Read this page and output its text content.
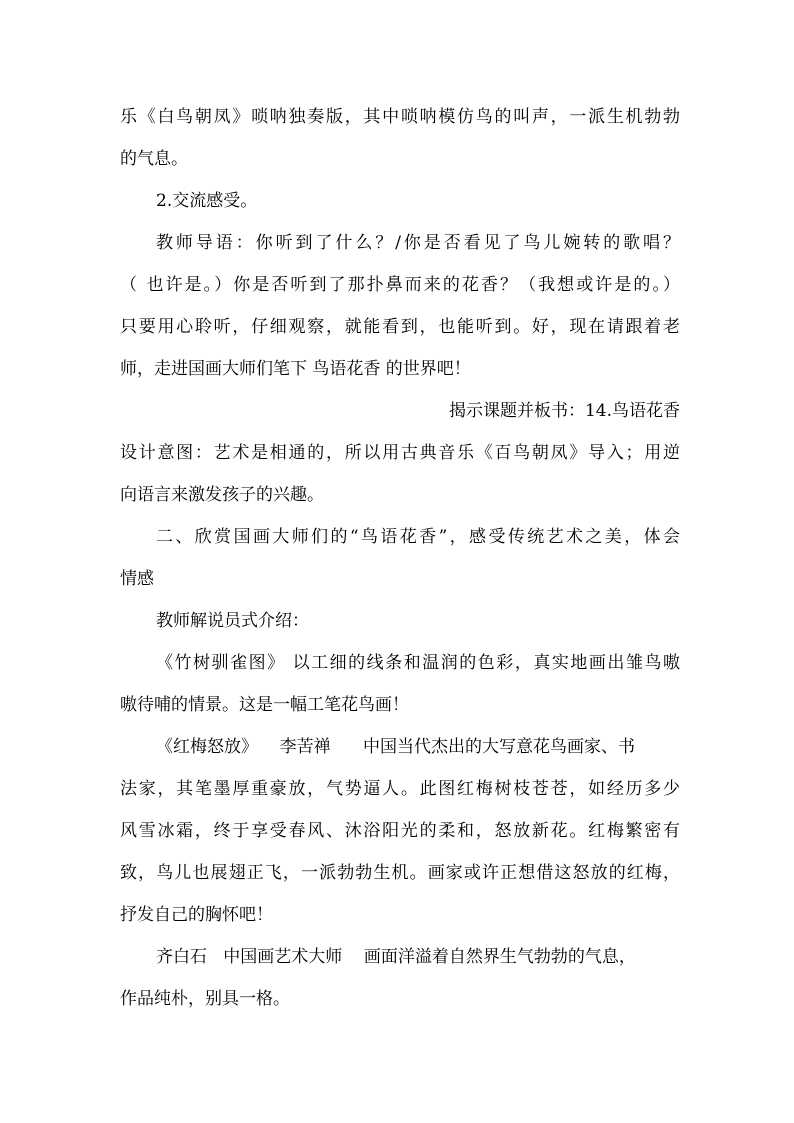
乐《白鸟朝凤》唢呐独奏版，其中唢呐模仿鸟的叫声，一派生机勃勃
的气息。
2.交流感受。
教师导语：你听到了什么？/你是否看见了鸟儿婉转的歌唱？
（ 也许是。）你是否听到了那扑鼻而来的花香？（我想或许是的。）
只要用心聆听，仔细观察，就能看到，也能听到。好，现在请跟着老
师，走进国画大师们笔下 鸟语花香 的世界吧！
揭示课题并板书：14.鸟语花香
设计意图：艺术是相通的，所以用古典音乐《百鸟朝凤》导入；用逆
向语言来激发孩子的兴趣。
二、欣赏国画大师们的“鸟语花香”，感受传统艺术之美，体会
情感
教师解说员式介绍：
《竹树驯雀图》 以工细的线条和温润的色彩，真实地画出雏鸟嗷
嗷待哺的情景。这是一幅工笔花鸟画！
《红梅怒放》    李苦禅      中国当代杰出的大写意花鸟画家、书
法家，其笔墨厚重豪放，气势逼人。此图红梅树枝苍苍，如经历多少
风雪冰霜，终于享受春风、沐浴阳光的柔和，怒放新花。红梅繁密有
致，鸟儿也展翅正飞，一派勃勃生机。画家或许正想借这怒放的红梅，
抒发自己的胸怀吧！
齐白石   中国画艺术大师    画面洋溢着自然界生气勃勃的气息，
作品纯朴，别具一格。
